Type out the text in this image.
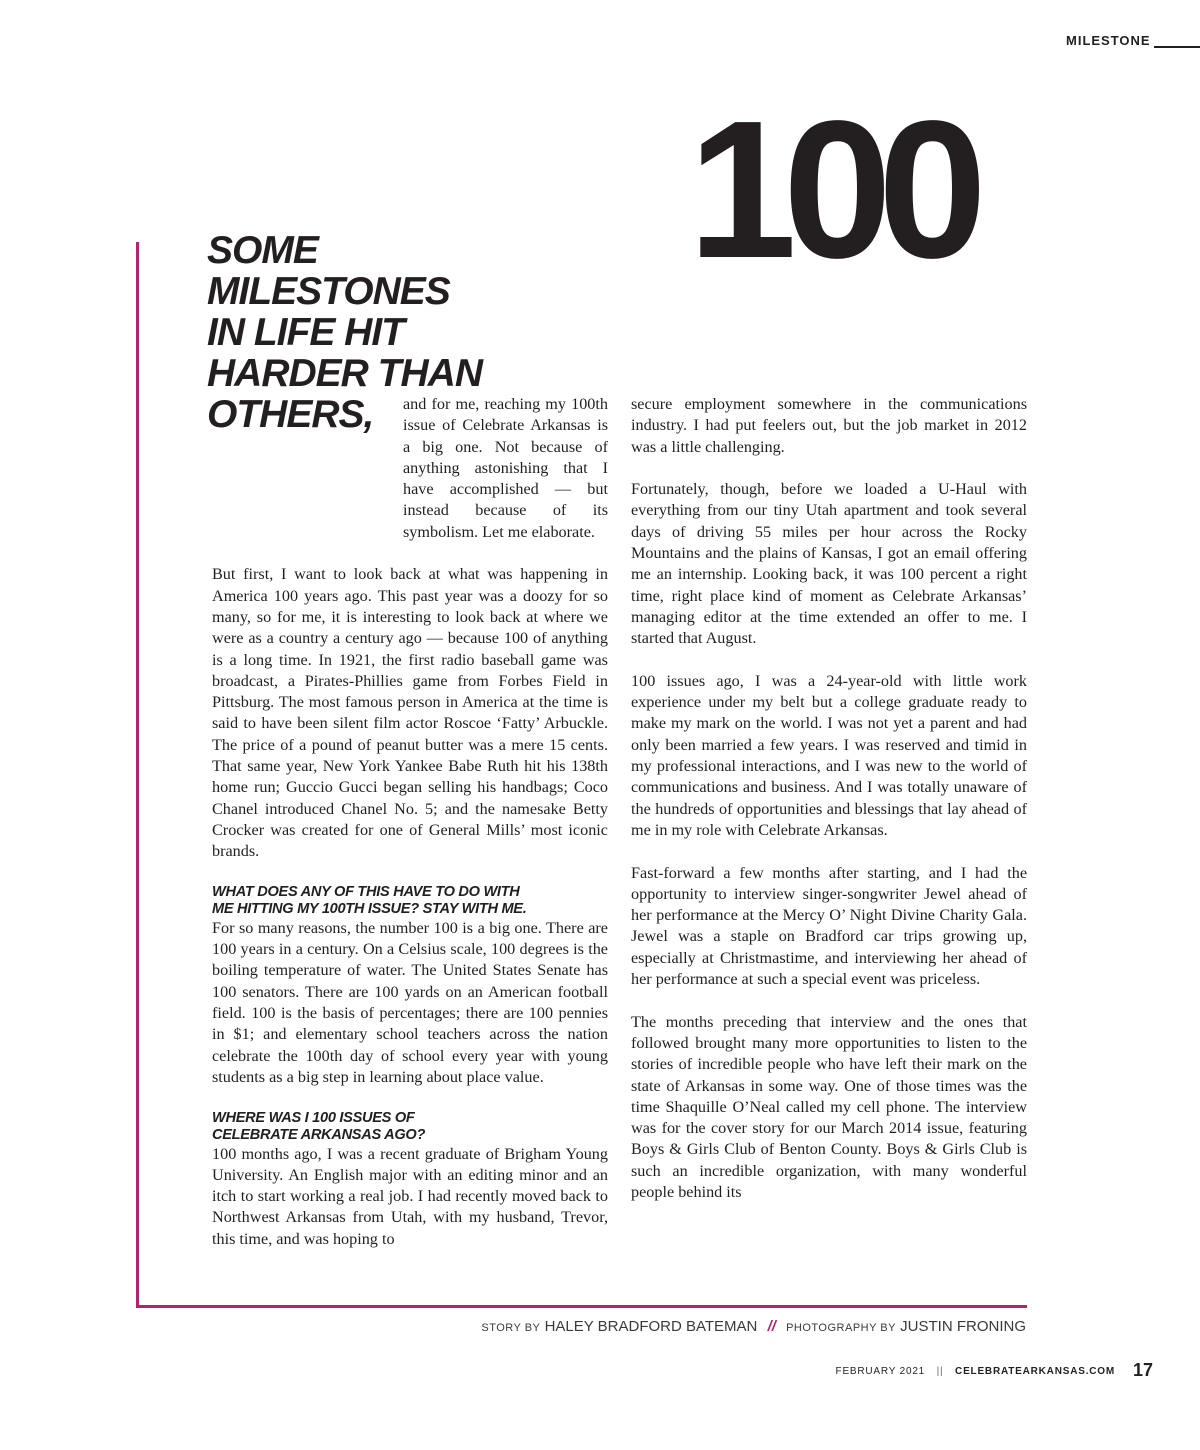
MILESTONE
100
SOME
MILESTONES
IN LIFE HIT
HARDER THAN
OTHERS,	and for me, reaching my 100th issue of Celebrate Arkansas is a big one. Not because of anything astonishing that I have accomplished — but instead because of its symbolism. Let me elaborate.

But first, I want to look back at what was happening in America 100 years ago. This past year was a doozy for so many, so for me, it is interesting to look back at where we were as a country a century ago — because 100 of anything is a long time. In 1921, the first radio baseball game was broadcast, a Pirates-Phillies game from Forbes Field in Pittsburg. The most famous person in America at the time is said to have been silent film actor Roscoe ‘Fatty’ Arbuckle. The price of a pound of peanut butter was a mere 15 cents. That same year, New York Yankee Babe Ruth hit his 138th home run; Guccio Gucci began selling his handbags; Coco Chanel introduced Chanel No. 5; and the namesake Betty Crocker was created for one of General Mills’ most iconic brands.

WHAT DOES ANY OF THIS HAVE TO DO WITH
ME HITTING MY 100TH ISSUE? STAY WITH ME.

For so many reasons, the number 100 is a big one. There are 100 years in a century. On a Celsius scale, 100 degrees is the boiling temperature of water. The United States Senate has 100 senators. There are 100 yards on an American football field. 100 is the basis of percentages; there are 100 pennies in $1; and elementary school teachers across the nation celebrate the 100th day of school every year with young students as a big step in learning about place value.

WHERE WAS I 100 ISSUES OF
CELEBRATE ARKANSAS AGO?

100 months ago, I was a recent graduate of Brigham Young University. An English major with an editing minor and an itch to start working a real job. I had recently moved back to Northwest Arkansas from Utah, with my husband, Trevor, this time, and was hoping to

secure employment somewhere in the communications industry. I had put feelers out, but the job market in 2012 was a little challenging.

Fortunately, though, before we loaded a U-Haul with everything from our tiny Utah apartment and took several days of driving 55 miles per hour across the Rocky Mountains and the plains of Kansas, I got an email offering me an internship. Looking back, it was 100 percent a right time, right place kind of moment as Celebrate Arkansas’ managing editor at the time extended an offer to me. I started that August.

100 issues ago, I was a 24-year-old with little work experience under my belt but a college graduate ready to make my mark on the world. I was not yet a parent and had only been married a few years. I was reserved and timid in my professional interactions, and I was new to the world of communications and business. And I was totally unaware of the hundreds of opportunities and blessings that lay ahead of me in my role with Celebrate Arkansas.

Fast-forward a few months after starting, and I had the opportunity to interview singer-songwriter Jewel ahead of her performance at the Mercy O’ Night Divine Charity Gala. Jewel was a staple on Bradford car trips growing up, especially at Christmastime, and interviewing her ahead of her performance at such a special event was priceless.

The months preceding that interview and the ones that followed brought many more opportunities to listen to the stories of incredible people who have left their mark on the state of Arkansas in some way. One of those times was the time Shaquille O’Neal called my cell phone. The interview was for the cover story for our March 2014 issue, featuring Boys & Girls Club of Benton County. Boys & Girls Club is such an incredible organization, with many wonderful people behind its

STORY BY HALEY BRADFORD BATEMAN // PHOTOGRAPHY BY JUSTIN FRONING
FEBRUARY 2021 || CELEBRATEARKANSAS.COM 17
